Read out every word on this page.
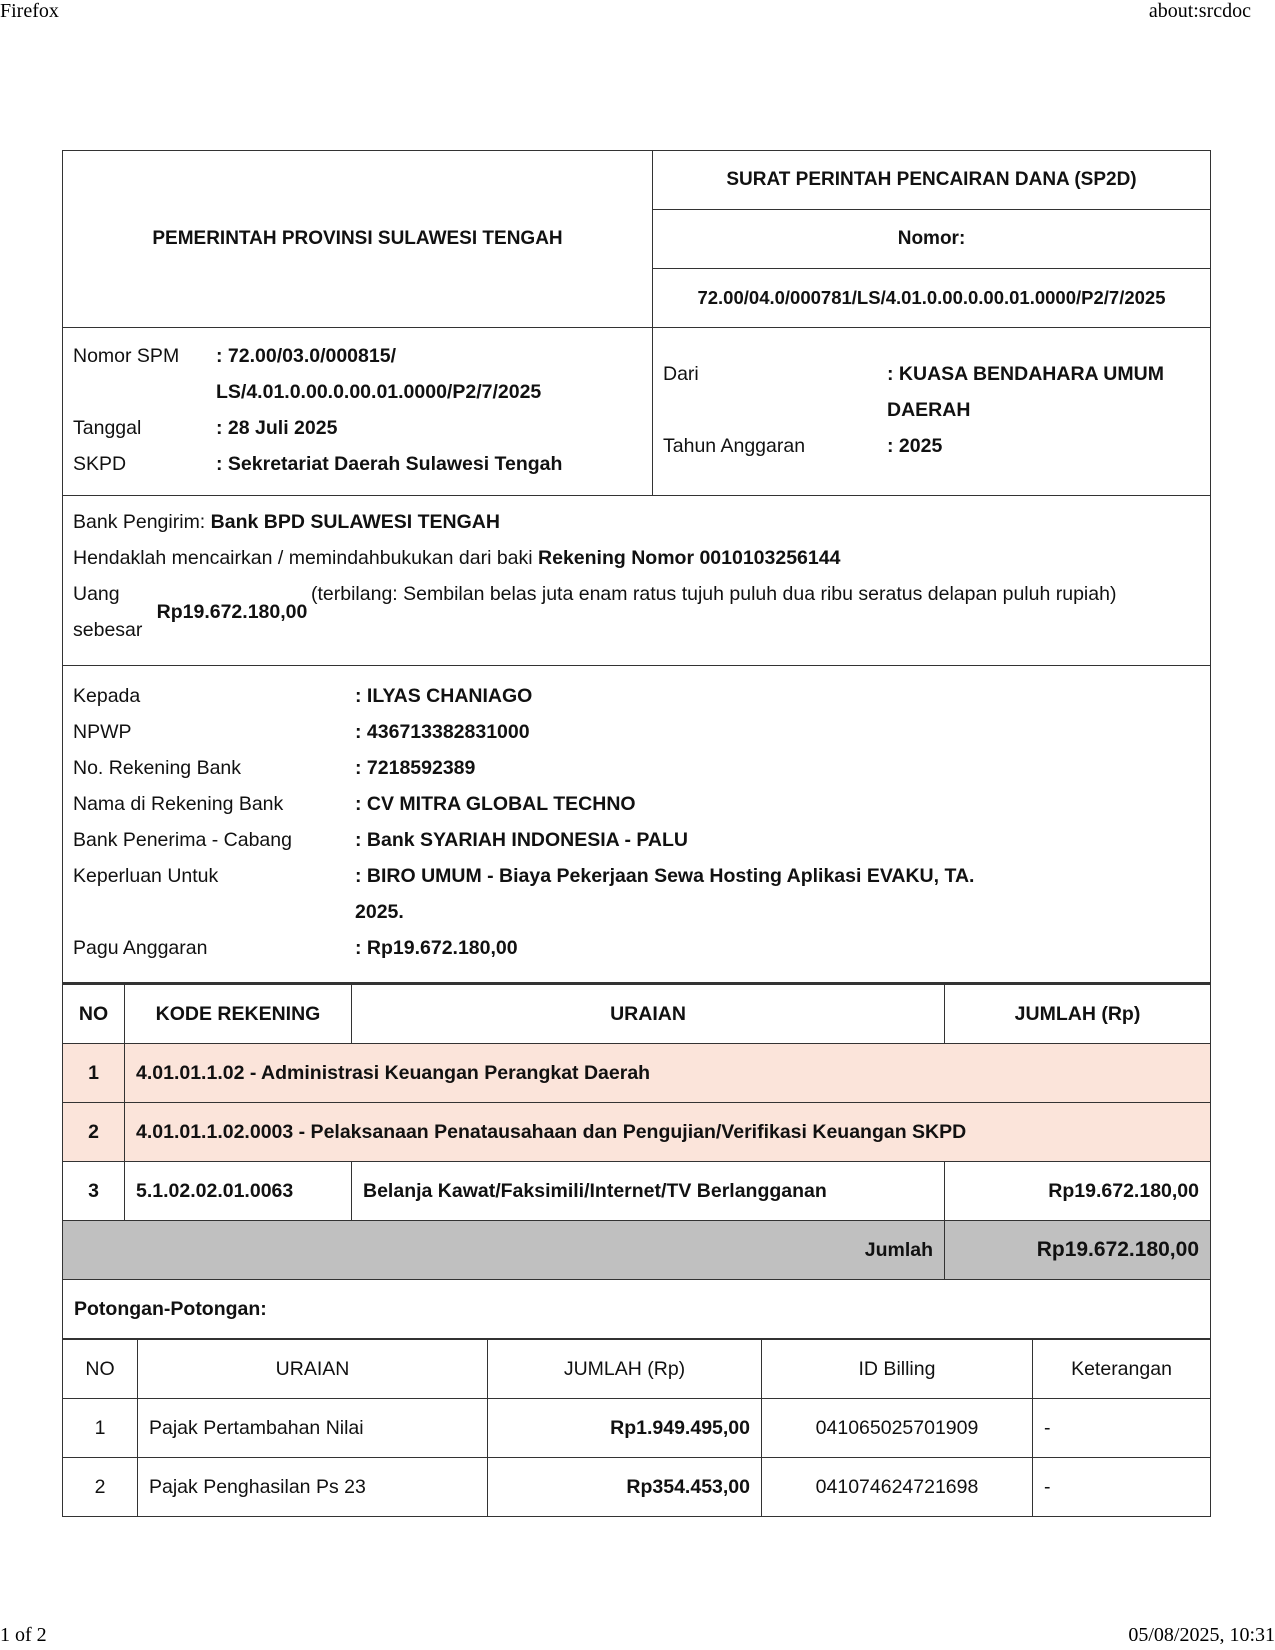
Firefox	about:srcdoc
1 of 2	05/08/2025, 10:31
PEMERINTAH PROVINSI SULAWESI TENGAH	SURAT PERINTAH PENCAIRAN DANA (SP2D)
Nomor:
72.00/04.0/000781/LS/4.01.0.00.0.00.01.0000/P2/7/2025
Nomor SPM	: 72.00/03.0/000815/
LS/4.01.0.00.0.00.01.0000/P2/7/2025
Tanggal	: 28 Juli 2025
SKPD	: Sekretariat Daerah Sulawesi Tengah
Dari	: KUASA BENDAHARA UMUM DAERAH
Tahun Anggaran	: 2025
Bank Pengirim: Bank BPD SULAWESI TENGAH
Hendaklah mencairkan / memindahbukukan dari baki Rekening Nomor 0010103256144
Uang sebesar
Rp19.672.180,00
(terbilang: Sembilan belas juta enam ratus tujuh puluh dua ribu seratus delapan puluh rupiah)
Kepada	: ILYAS CHANIAGO
NPWP	: 436713382831000
No. Rekening Bank	: 7218592389
Nama di Rekening Bank	: CV MITRA GLOBAL TECHNO
Bank Penerima - Cabang	: Bank SYARIAH INDONESIA - PALU
Keperluan Untuk	: BIRO UMUM - Biaya Pekerjaan Sewa Hosting Aplikasi EVAKU, TA. 2025.
Pagu Anggaran	: Rp19.672.180,00
NO	KODE REKENING	URAIAN	JUMLAH (Rp)
1	4.01.01.1.02 - Administrasi Keuangan Perangkat Daerah		
2	4.01.01.1.02.0003 - Pelaksanaan Penatausahaan dan Pengujian/Verifikasi Keuangan SKPD		
3	5.1.02.02.01.0063	Belanja Kawat/Faksimili/Internet/TV Berlangganan	Rp19.672.180,00
Jumlah			Rp19.672.180,00
Potongan-Potongan:
NO	URAIAN	JUMLAH (Rp)	ID Billing	Keterangan
1	Pajak Pertambahan Nilai	Rp1.949.495,00	041065025701909	-
2	Pajak Penghasilan Ps 23	Rp354.453,00	041074624721698	-
